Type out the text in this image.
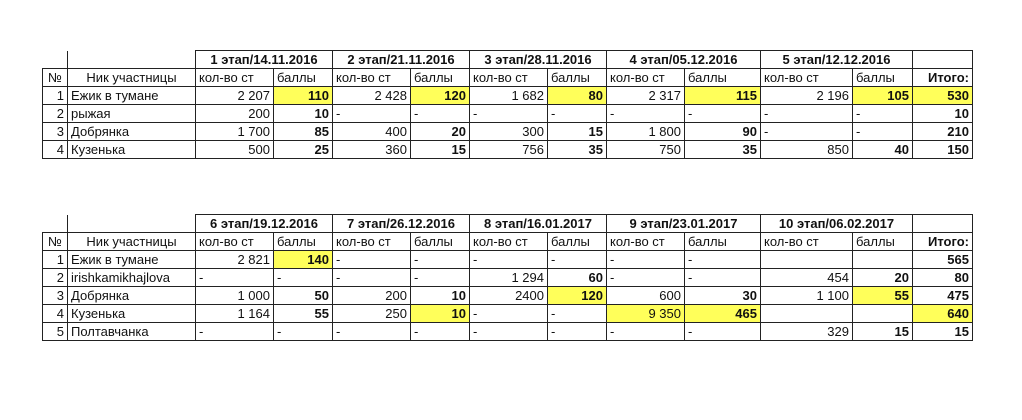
		1 этап/14.11.2016		2 этап/21.11.2016		3 этап/28.11.2016		4 этап/05.12.2016		5 этап/12.12.2016		
№	Ник участницы	кол-во ст	баллы	кол-во ст	баллы	кол-во ст	баллы	кол-во ст	баллы	кол-во ст	баллы	Итого:
1	Ежик в тумане	2 207	110	2 428	120	1 682	80	2 317	115	2 196	105	530
2	рыжая	200	10	-	-	-	-	-	-	-	-	10
3	Добрянка	1 700	85	400	20	300	15	1 800	90	-	-	210
4	Кузенька	500	25	360	15	756	35	750	35	850	40	150
		6 этап/19.12.2016		7 этап/26.12.2016		8 этап/16.01.2017		9 этап/23.01.2017		10 этап/06.02.2017		
№	Ник участницы	кол-во ст	баллы	кол-во ст	баллы	кол-во ст	баллы	кол-во ст	баллы	кол-во ст	баллы	Итого:
1	Ежик в тумане	2 821	140	-	-	-	-	-	-			565
2	irishkamikhajlova	-	-	-	-	1 294	60	-	-	454	20	80
3	Добрянка	1 000	50	200	10	2400	120	600	30	1 100	55	475
4	Кузенька	1 164	55	250	10	-	-	9 350	465			640
5	Полтавчанка	-	-	-	-	-	-	-	-	329	15	15
